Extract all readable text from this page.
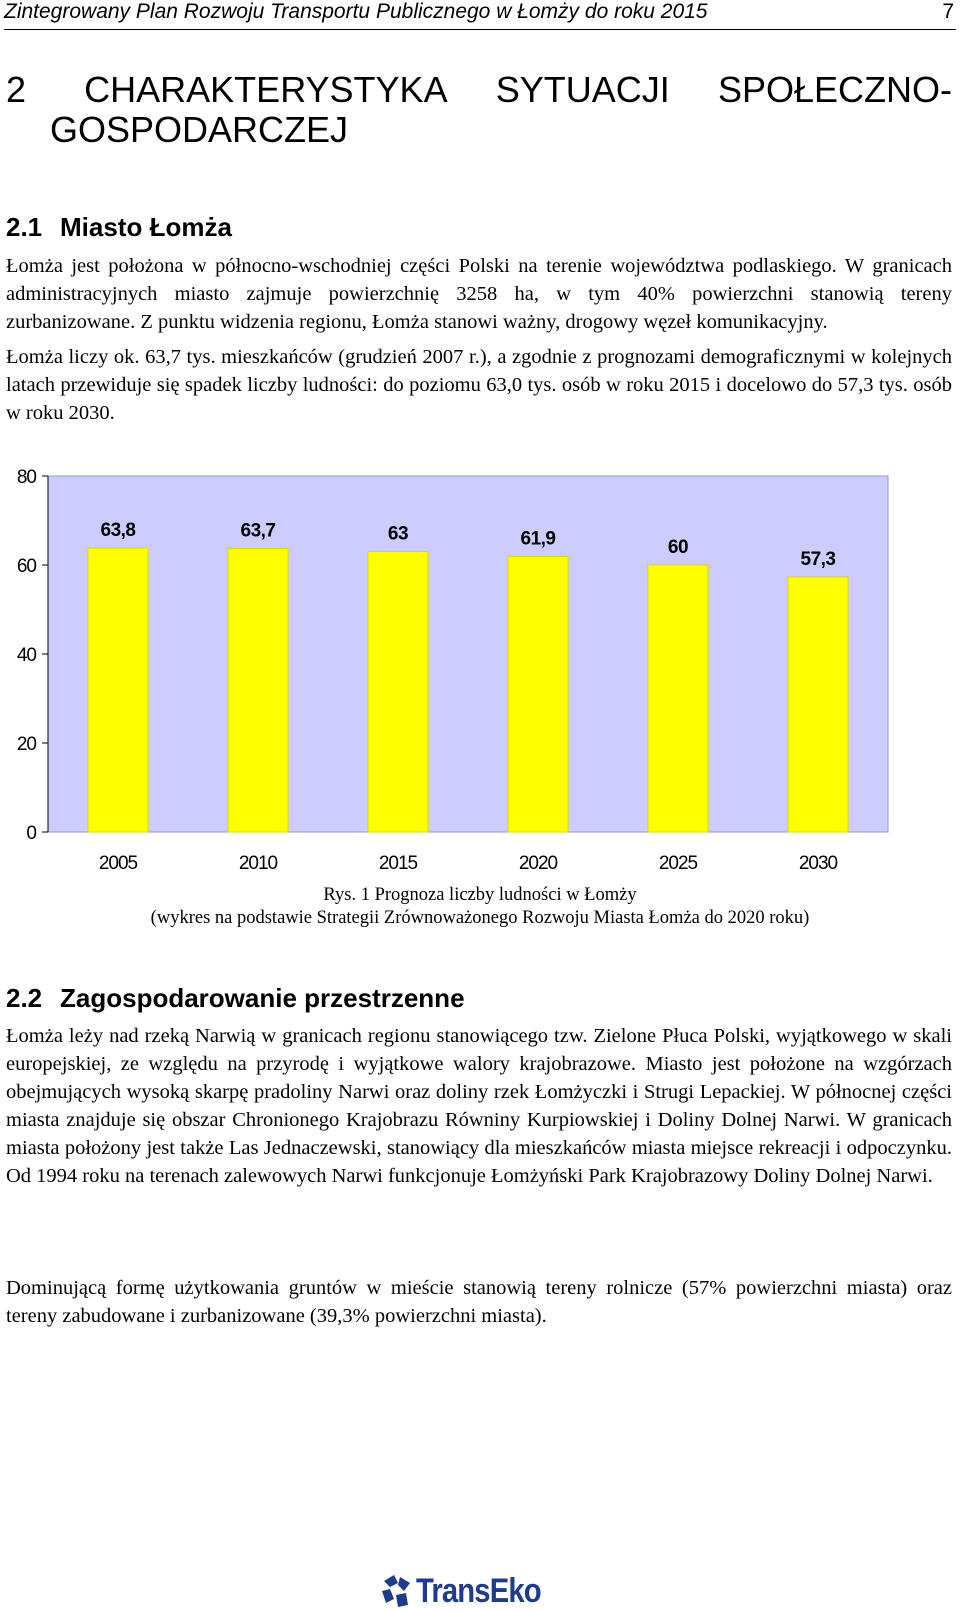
Zintegrowany Plan Rozwoju Transportu Publicznego w Łomży do roku 2015	7
2 CHARAKTERYSTYKA SYTUACJI SPOŁECZNO-
GOSPODARCZEJ
2.1 Miasto Łomża

Łomża jest położona w północno-wschodniej części Polski na terenie województwa podlaskiego. W granicach administracyjnych miasto zajmuje powierzchnię 3258 ha, w tym 40% powierzchni stanowią tereny zurbanizowane. Z punktu widzenia regionu, Łomża stanowi ważny, drogowy węzeł komunikacyjny.

Łomża liczy ok. 63,7 tys. mieszkańców (grudzień 2007 r.), a zgodnie z prognozami demograficznymi w kolejnych latach przewiduje się spadek liczby ludności: do poziomu 63,0 tys. osób w roku 2015 i docelowo do 57,3 tys. osób w roku 2030.

0
20
40
60
80
63,8	63,7	63	61,9	60
57,3
2005	2010	2015	2020	2025	2030

Rys. 1 Prognoza liczby ludności w Łomży

(wykres na podstawie Strategii Zrównoważonego Rozwoju Miasta Łomża do 2020 roku)

2.2 Zagospodarowanie przestrzenne

Łomża leży nad rzeką Narwią w granicach regionu stanowiącego tzw. Zielone Płuca Polski, wyjątkowego w skali europejskiej, ze względu na przyrodę i wyjątkowe walory krajobrazowe. Miasto jest położone na wzgórzach obejmujących wysoką skarpę pradoliny Narwi oraz doliny rzek Łomżyczki i Strugi Lepackiej. W północnej części miasta znajduje się obszar Chronionego Krajobrazu Równiny Kurpiowskiej i Doliny Dolnej Narwi. W granicach miasta położony jest także Las Jednaczewski, stanowiący dla mieszkańców miasta miejsce rekreacji i odpoczynku. Od 1994 roku na terenach zalewowych Narwi funkcjonuje Łomżyński Park Krajobrazowy Doliny Dolnej Narwi.

Dominującą formę użytkowania gruntów w mieście stanowią tereny rolnicze (57% powierzchni miasta) oraz tereny zabudowane i zurbanizowane (39,3% powierzchni miasta).

TransEko
